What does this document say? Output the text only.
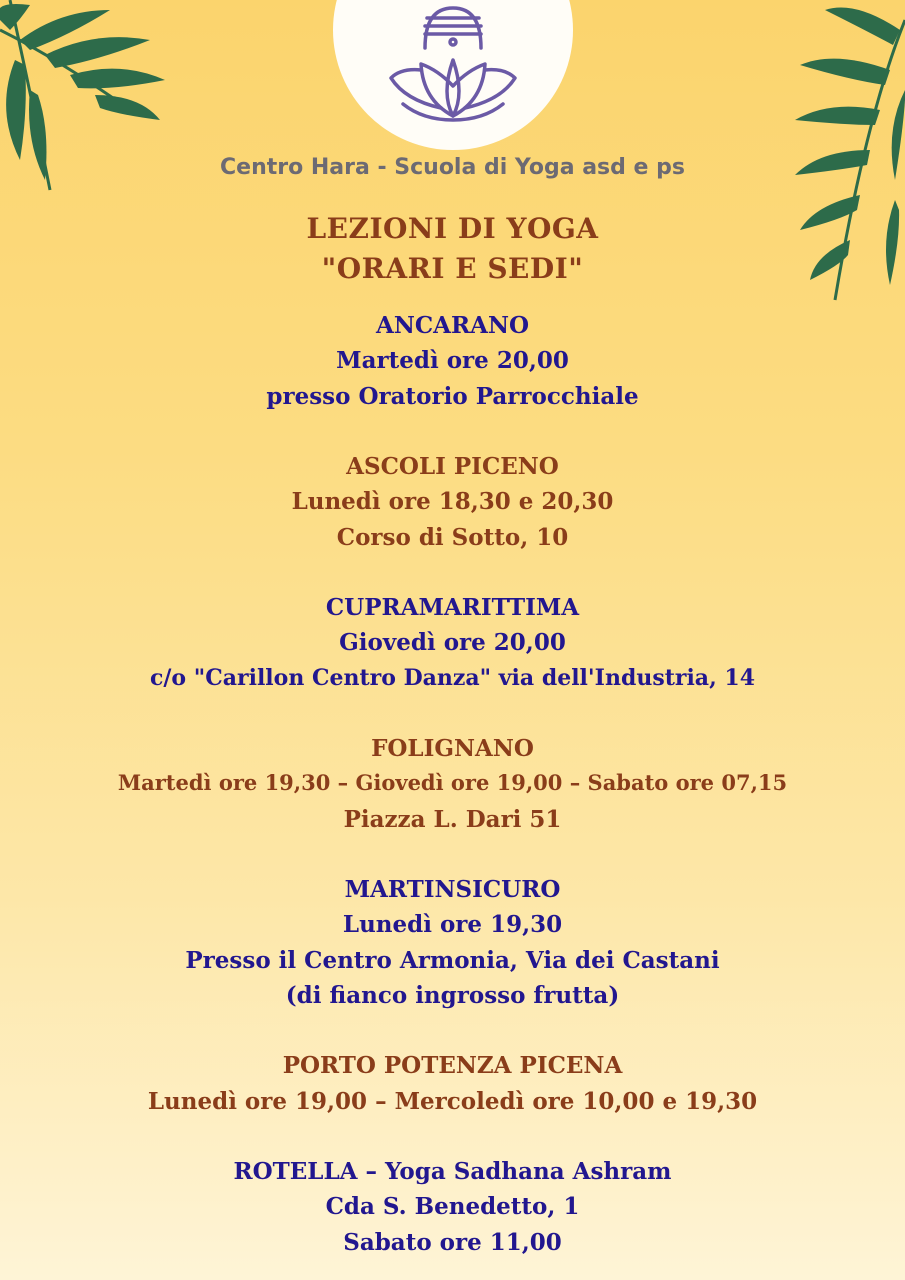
Centro Hara - Scuola di Yoga asd e ps
LEZIONI DI YOGA
"ORARI E SEDI"
ANCARANO
Martedì ore 20,00
presso Oratorio Parrocchiale
ASCOLI PICENO
Lunedì ore 18,30 e 20,30
Corso di Sotto, 10
CUPRAMARITTIMA
Giovedì ore 20,00
c/o "Carillon Centro Danza" via dell'Industria, 14
FOLIGNANO
Martedì ore 19,30 – Giovedì ore 19,00 – Sabato ore 07,15
Piazza L. Dari 51
MARTINSICURO
Lunedì ore 19,30
Presso il Centro Armonia, Via dei Castani
(di fianco ingrosso frutta)
PORTO POTENZA PICENA
Lunedì ore 19,00 – Mercoledì ore 10,00 e 19,30
ROTELLA – Yoga Sadhana Ashram
Cda S. Benedetto, 1
Sabato ore 11,00
